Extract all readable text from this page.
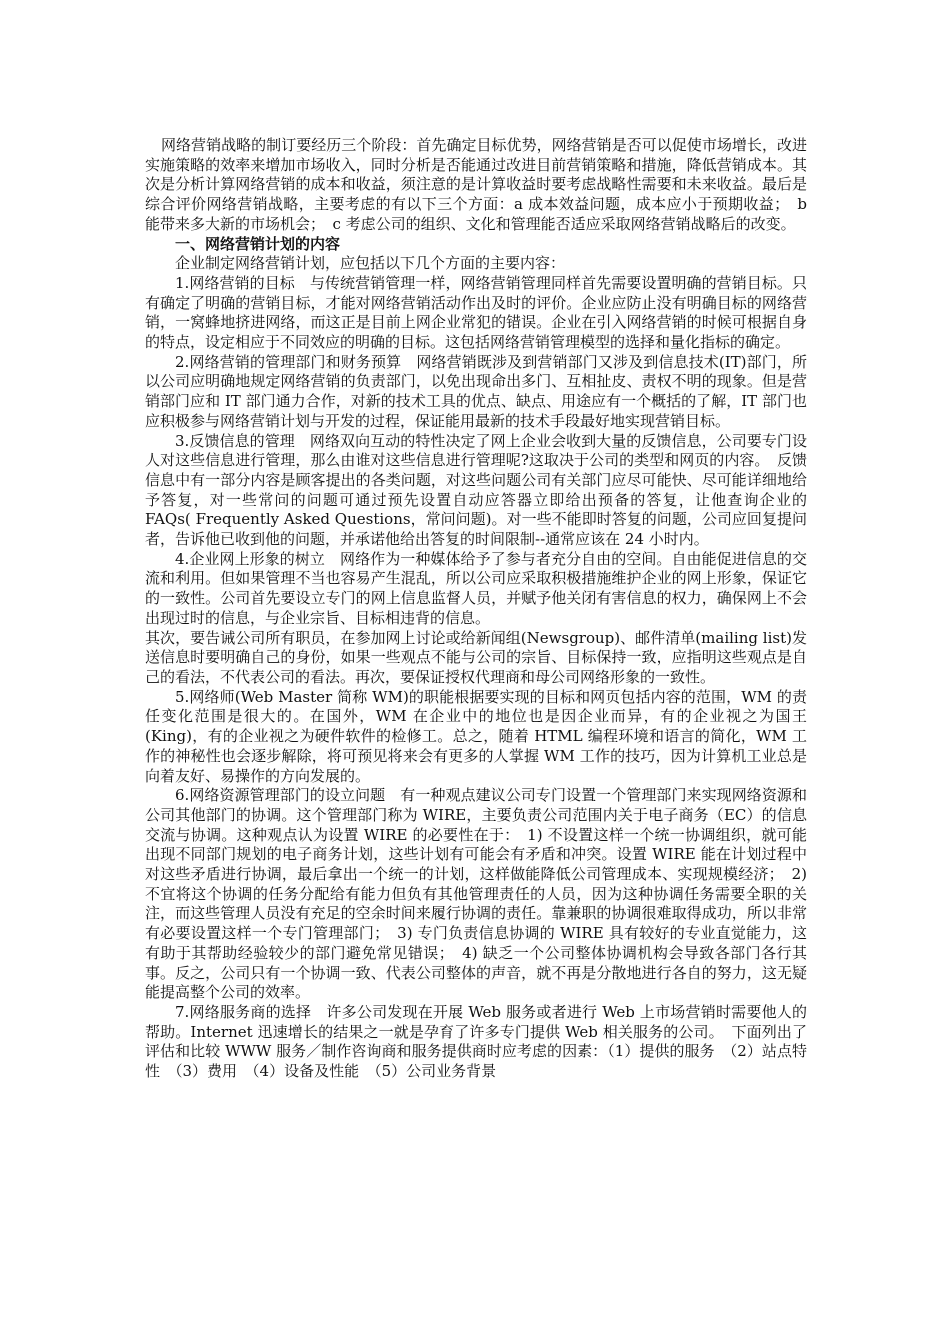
网络营销战略的制订要经历三个阶段：首先确定目标优势，网络营销是否可以促使市场增长，改进实施策略的效率来增加市场收入，同时分析是否能通过改进目前营销策略和措施，降低营销成本。其次是分析计算网络营销的成本和收益，须注意的是计算收益时要考虑战略性需要和未来收益。最后是综合评价网络营销战略，主要考虑的有以下三个方面：a 成本效益问题，成本应小于预期收益；　b 能带来多大新的市场机会；　c 考虑公司的组织、文化和管理能否适应采取网络营销战略后的改变。

一、网络营销计划的内容

企业制定网络营销计划，应包括以下几个方面的主要内容：

1.网络营销的目标　与传统营销管理一样，网络营销管理同样首先需要设置明确的营销目标。只有确定了明确的营销目标，才能对网络营销活动作出及时的评价。企业应防止没有明确目标的网络营销，一窝蜂地挤进网络，而这正是目前上网企业常犯的错误。企业在引入网络营销的时候可根据自身的特点，设定相应于不同效应的明确的目标。这包括网络营销管理模型的选择和量化指标的确定。

2.网络营销的管理部门和财务预算　网络营销既涉及到营销部门又涉及到信息技术(IT)部门，所以公司应明确地规定网络营销的负责部门，以免出现命出多门、互相扯皮、责权不明的现象。但是营销部门应和 IT 部门通力合作，对新的技术工具的优点、缺点、用途应有一个概括的了解，IT 部门也应积极参与网络营销计划与开发的过程，保证能用最新的技术手段最好地实现营销目标。

3.反馈信息的管理　网络双向互动的特性决定了网上企业会收到大量的反馈信息，公司要专门设人对这些信息进行管理，那么由谁对这些信息进行管理呢?这取决于公司的类型和网页的内容。　反馈信息中有一部分内容是顾客提出的各类问题，对这些问题公司有关部门应尽可能快、尽可能详细地给予答复，对一些常问的问题可通过预先设置自动应答器立即给出预备的答复，让他查询企业的 FAQs( Frequently Asked Questions，常问问题)。对一些不能即时答复的问题，公司应回复提问者，告诉他已收到他的问题，并承诺他给出答复的时间限制--通常应该在 24 小时内。

4.企业网上形象的树立　网络作为一种媒体给予了参与者充分自由的空间。自由能促进信息的交流和利用。但如果管理不当也容易产生混乱，所以公司应采取积极措施维护企业的网上形象，保证它的一致性。公司首先要设立专门的网上信息监督人员，并赋予他关闭有害信息的权力，确保网上不会出现过时的信息，与企业宗旨、目标相违背的信息。

其次，要告诫公司所有职员，在参加网上讨论或给新闻组(Newsgroup)、邮件清单(mailing list)发送信息时要明确自己的身份，如果一些观点不能与公司的宗旨、目标保持一致，应指明这些观点是自己的看法，不代表公司的看法。再次，要保证授权代理商和母公司网络形象的一致性。

5.网络师(Web Master 简称 WM)的职能根据要实现的目标和网页包括内容的范围，WM 的责任变化范围是很大的。在国外，WM 在企业中的地位也是因企业而异，有的企业视之为国王(King)，有的企业视之为硬件软件的检修工。总之，随着 HTML 编程环境和语言的简化，WM 工作的神秘性也会逐步解除，将可预见将来会有更多的人掌握 WM 工作的技巧，因为计算机工业总是向着友好、易操作的方向发展的。

6.网络资源管理部门的设立问题　有一种观点建议公司专门设置一个管理部门来实现网络资源和公司其他部门的协调。这个管理部门称为 WIRE，主要负责公司范围内关于电子商务（EC）的信息交流与协调。这种观点认为设置 WIRE 的必要性在于：　1) 不设置这样一个统一协调组织，就可能出现不同部门规划的电子商务计划，这些计划有可能会有矛盾和冲突。设置 WIRE 能在计划过程中对这些矛盾进行协调，最后拿出一个统一的计划，这样做能降低公司管理成本、实现规模经济；　2) 不宜将这个协调的任务分配给有能力但负有其他管理责任的人员，因为这种协调任务需要全职的关注，而这些管理人员没有充足的空余时间来履行协调的责任。靠兼职的协调很难取得成功，所以非常有必要设置这样一个专门管理部门；　3) 专门负责信息协调的 WIRE 具有较好的专业直觉能力，这有助于其帮助经验较少的部门避免常见错误；　4) 缺乏一个公司整体协调机构会导致各部门各行其事。反之，公司只有一个协调一致、代表公司整体的声音，就不再是分散地进行各自的努力，这无疑能提高整个公司的效率。

7.网络服务商的选择　许多公司发现在开展 Web 服务或者进行 Web 上市场营销时需要他人的帮助。Internet 迅速增长的结果之一就是孕育了许多专门提供 Web 相关服务的公司。　下面列出了评估和比较 WWW 服务／制作咨询商和服务提供商时应考虑的因素：（1）提供的服务　（2）站点特性　（3）费用　（4）设备及性能　（5）公司业务背景
